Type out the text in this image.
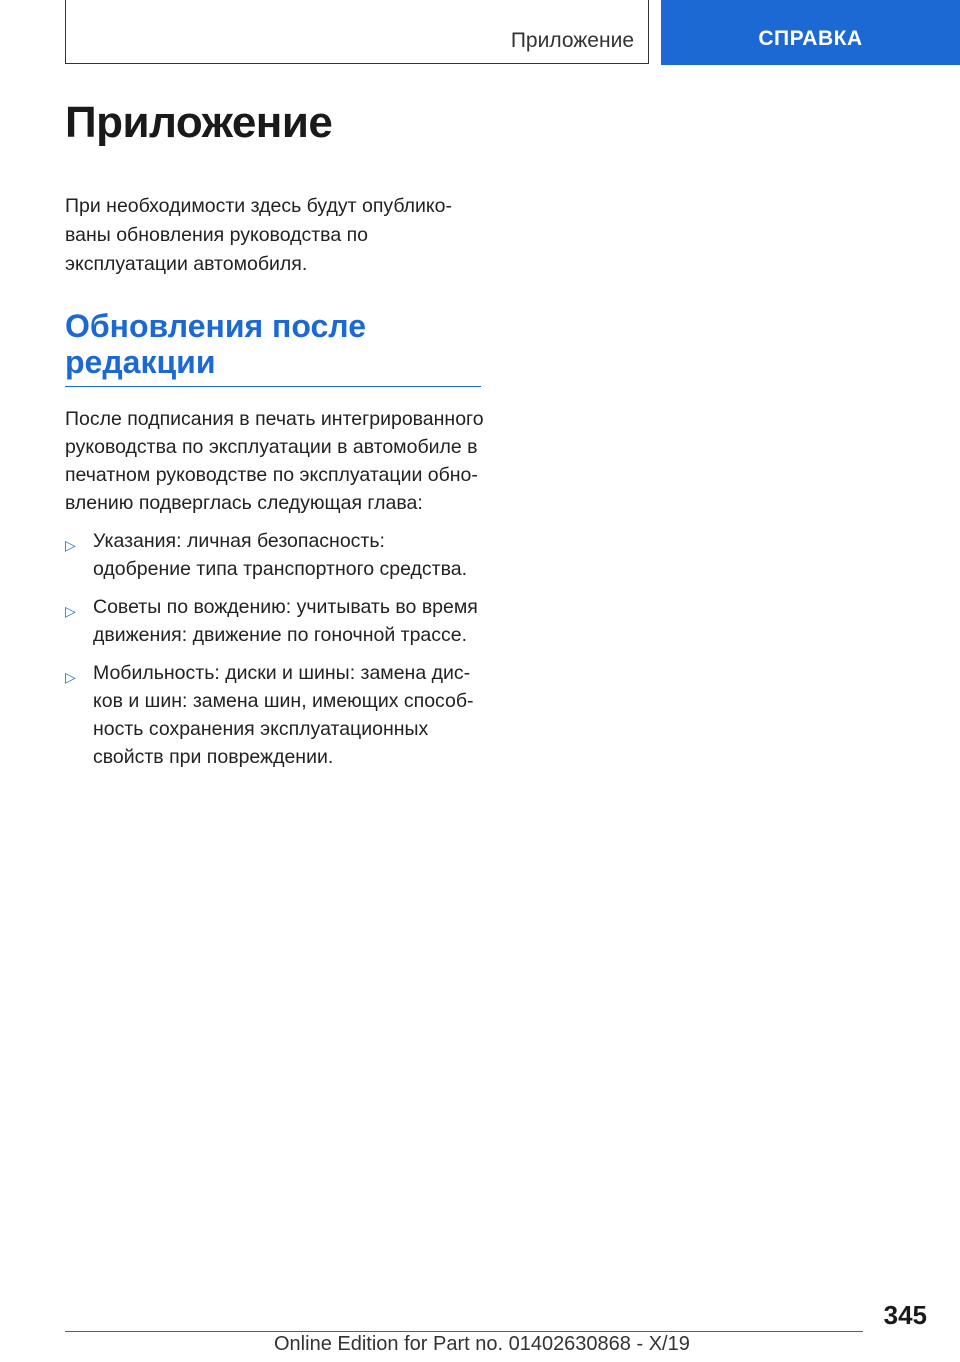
Приложение	СПРАВКА
Приложение
При необходимости здесь будут опублико-ваны обновления руководства по эксплуатации автомобиля.
Обновления после редакции

После подписания в печать интегрированного руководства по эксплуатации в автомобиле в печатном руководстве по эксплуатации обно-влению подверглась следующая глава:

▷ Указания: личная безопасность: одобрение типа транспортного средства.
▷ Советы по вождению: учитывать во время движения: движение по гоночной трассе.
▷ Мобильность: диски и шины: замена дис-ков и шин: замена шин, имеющих способ-ность сохранения эксплуатационных свойств при повреждении.
345
Online Edition for Part no. 01402630868 - X/19
